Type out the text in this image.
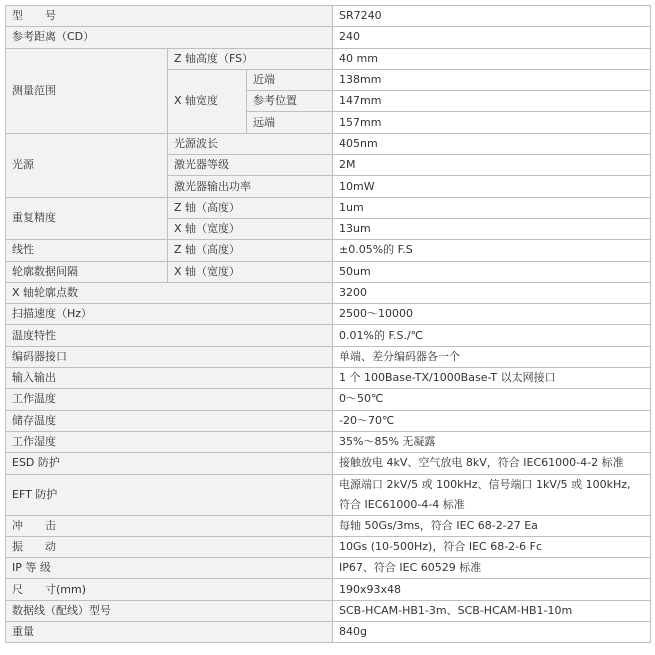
型　　号			SR7240
参考距离（CD）			240
测量范围	Z 轴高度（FS）		40 mm
	X 轴宽度	近端	138mm
		参考位置	147mm
		远端	157mm
光源	光源波长		405nm
	激光器等级		2M
	激光器输出功率		10mW
重复精度	Z 轴（高度）		1um
	X 轴（宽度）		13um
线性	Z 轴（高度）		±0.05%的 F.S
轮廓数据间隔	X 轴（宽度）		50um
X 轴轮廓点数			3200
扫描速度（Hz）			2500～10000
温度特性			0.01%的 F.S./℃
编码器接口			单端、差分编码器各一个
输入输出			1 个 100Base-TX/1000Base-T 以太网接口
工作温度			0～50℃
储存温度			-20～70℃
工作湿度			35%～85% 无凝露
ESD 防护			接触放电 4kV、空气放电 8kV，符合 IEC61000-4-2 标准
EFT 防护			电源端口 2kV/5 或 100kHz、信号端口 1kV/5 或 100kHz,
符合 IEC61000-4-4 标准

冲　　击			每轴 50Gs/3ms，符合 IEC 68-2-27 Ea
振　　动			10Gs (10-500Hz)，符合 IEC 68-2-6 Fc
IP 等 级			IP67、符合 IEC 60529 标准
尺　　寸(mm)			190x93x48
数据线（配线）型号			SCB-HCAM-HB1-3m、SCB-HCAM-HB1-10m
重量			840g
